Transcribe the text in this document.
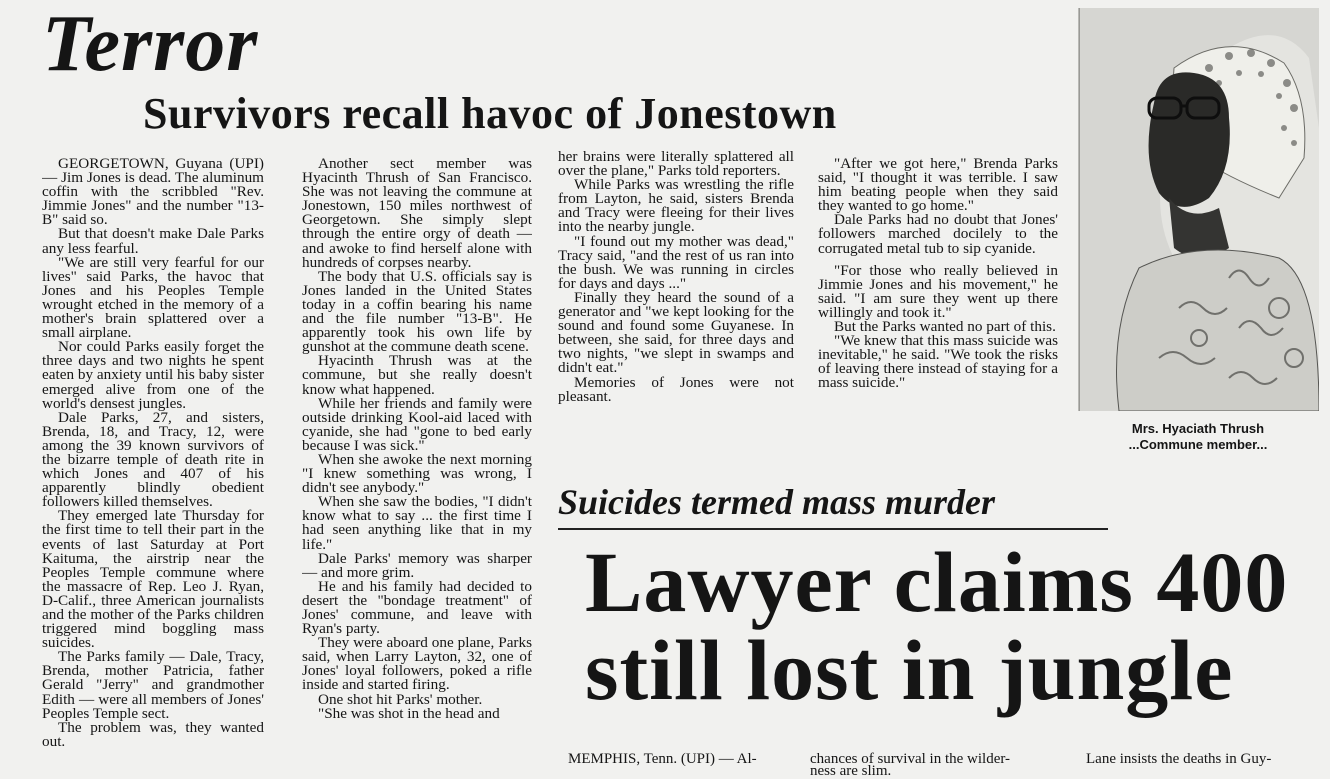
Terror
Survivors recall havoc of Jonestown

GEORGETOWN, Guyana (UPI) — Jim Jones is dead. The aluminum coffin with the scribbled "Rev. Jimmie Jones" and the number "13-B" said so.

But that doesn't make Dale Parks any less fearful.

"We are still very fearful for our lives" said Parks, the havoc that Jones and his Peoples Temple wrought etched in the memory of a mother's brain splattered over a small airplane.

Nor could Parks easily forget the three days and two nights he spent eaten by anxiety until his baby sister emerged alive from one of the world's densest jungles.

Dale Parks, 27, and sisters, Brenda, 18, and Tracy, 12, were among the 39 known survivors of the bizarre temple of death rite in which Jones and 407 of his apparently blindly obedient followers killed themselves.

They emerged late Thursday for the first time to tell their part in the events of last Saturday at Port Kaituma, the airstrip near the Peoples Temple commune where the massacre of Rep. Leo J. Ryan, D-Calif., three American journalists and the mother of the Parks children triggered mind boggling mass suicides.

The Parks family — Dale, Tracy, Brenda, mother Patricia, father Gerald "Jerry" and grandmother Edith — were all members of Jones' Peoples Temple sect.

The problem was, they wanted out.

Another sect member was Hyacinth Thrush of San Francisco. She was not leaving the commune at Jonestown, 150 miles northwest of Georgetown. She simply slept through the entire orgy of death — and awoke to find herself alone with hundreds of corpses nearby.

The body that U.S. officials say is Jones landed in the United States today in a coffin bearing his name and the file number "13-B". He apparently took his own life by gunshot at the commune death scene.

Hyacinth Thrush was at the commune, but she really doesn't know what happened.

While her friends and family were outside drinking Kool-aid laced with cyanide, she had "gone to bed early because I was sick."

When she awoke the next morning "I knew something was wrong, I didn't see anybody."

When she saw the bodies, "I didn't know what to say ... the first time I had seen anything like that in my life."

Dale Parks' memory was sharper — and more grim.

He and his family had decided to desert the "bondage treatment" of Jones' commune, and leave with Ryan's party.

They were aboard one plane, Parks said, when Larry Layton, 32, one of Jones' loyal followers, poked a rifle inside and started firing.

One shot hit Parks' mother.

"She was shot in the head and

her brains were literally splattered all over the plane," Parks told reporters.

While Parks was wrestling the rifle from Layton, he said, sisters Brenda and Tracy were fleeing for their lives into the nearby jungle.

"I found out my mother was dead," Tracy said, "and the rest of us ran into the bush. We was running in circles for days and days ..."

Finally they heard the sound of a generator and "we kept looking for the sound and found some Guyanese. In between, she said, for three days and two nights, "we slept in swamps and didn't eat."

Memories of Jones were not pleasant.

"After we got here," Brenda Parks said, "I thought it was terrible. I saw him beating people when they said they wanted to go home."

Dale Parks had no doubt that Jones' followers marched docilely to the corrugated metal tub to sip cyanide.

"For those who really believed in Jimmie Jones and his movement," he said. "I am sure they went up there willingly and took it."

But the Parks wanted no part of this.

"We knew that this mass suicide was inevitable," he said. "We took the risks of leaving there instead of staying for a mass suicide."

Mrs. Hyaciath Thrush
...Commune member...
Suicides termed mass murder
Lawyer claims 400
still lost in jungle

MEMPHIS, Tenn. (UPI) — Al-	chances of survival in the wilder-

ness are slim.

Lane insists the deaths in Guy-
